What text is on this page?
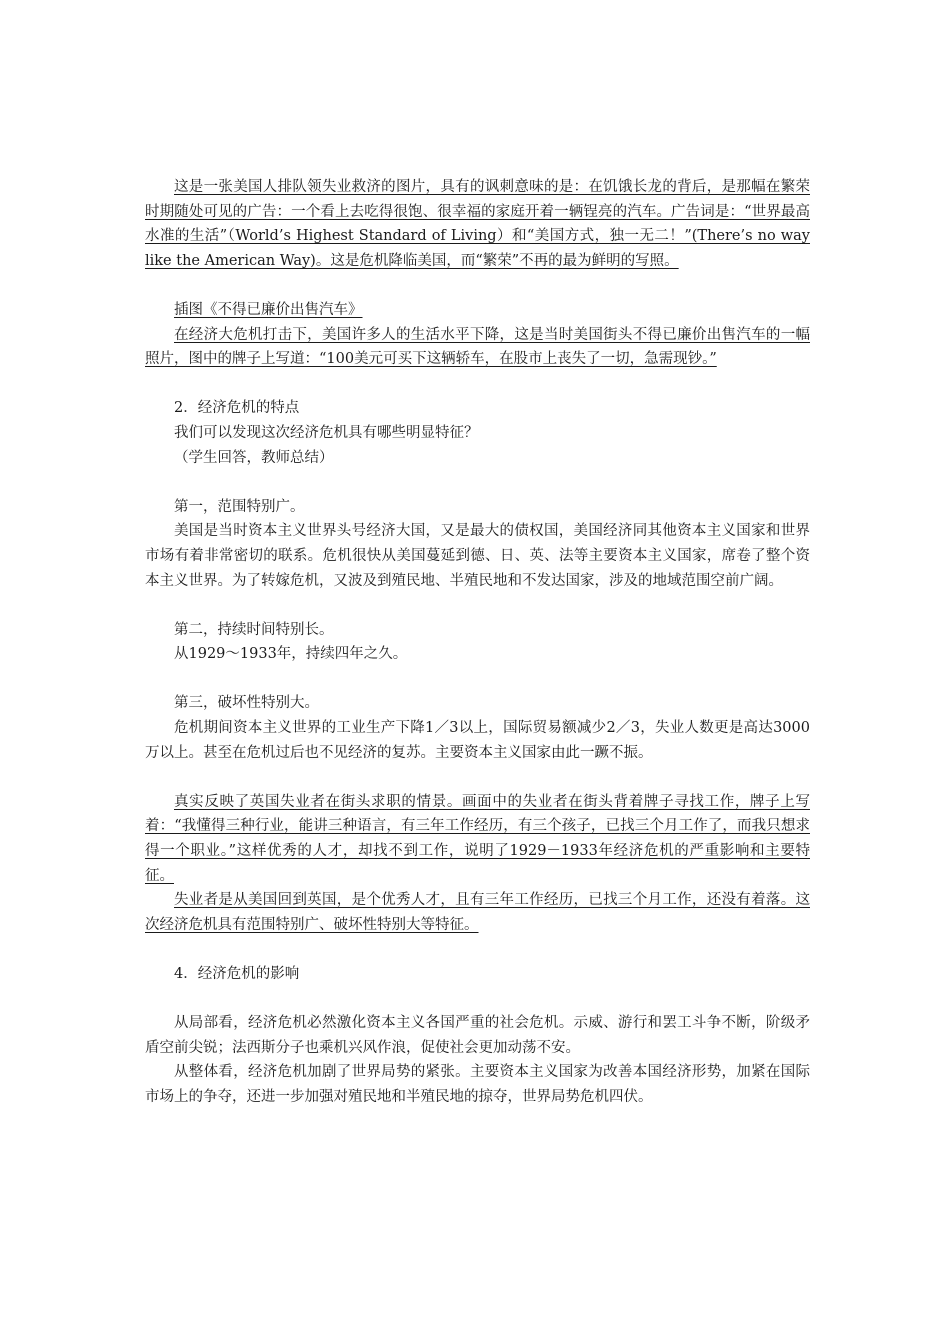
这是一张美国人排队领失业救济的图片，具有的讽刺意味的是：在饥饿长龙的背后，是那幅在繁荣时期随处可见的广告：一个看上去吃得很饱、很幸福的家庭开着一辆锃亮的汽车。广告词是：“世界最高水准的生活”（World’s Highest Standard of Living）和“美国方式，独一无二！”(There’s no way like the American Way)。这是危机降临美国，而“繁荣”不再的最为鲜明的写照。

插图《不得已廉价出售汽车》

在经济大危机打击下，美国许多人的生活水平下降，这是当时美国街头不得已廉价出售汽车的一幅照片，图中的牌子上写道：“100美元可买下这辆轿车，在股市上丧失了一切，急需现钞。”

2．经济危机的特点

我们可以发现这次经济危机具有哪些明显特征？

（学生回答，教师总结）

第一，范围特别广。

美国是当时资本主义世界头号经济大国，又是最大的债权国，美国经济同其他资本主义国家和世界市场有着非常密切的联系。危机很快从美国蔓延到德、日、英、法等主要资本主义国家，席卷了整个资本主义世界。为了转嫁危机，又波及到殖民地、半殖民地和不发达国家，涉及的地域范围空前广阔。

第二，持续时间特别长。

从1929～1933年，持续四年之久。

第三，破坏性特别大。

危机期间资本主义世界的工业生产下降1／3以上，国际贸易额减少2／3，失业人数更是高达3000万以上。甚至在危机过后也不见经济的复苏。主要资本主义国家由此一蹶不振。

真实反映了英国失业者在街头求职的情景。画面中的失业者在街头背着牌子寻找工作，牌子上写着：“我懂得三种行业，能讲三种语言，有三年工作经历，有三个孩子，已找三个月工作了，而我只想求得一个职业。”这样优秀的人才，却找不到工作，说明了1929－1933年经济危机的严重影响和主要特征。

失业者是从美国回到英国，是个优秀人才，且有三年工作经历，已找三个月工作，还没有着落。这次经济危机具有范围特别广、破坏性特别大等特征。

4．经济危机的影响

从局部看，经济危机必然激化资本主义各国严重的社会危机。示威、游行和罢工斗争不断，阶级矛盾空前尖锐；法西斯分子也乘机兴风作浪，促使社会更加动荡不安。

从整体看，经济危机加剧了世界局势的紧张。主要资本主义国家为改善本国经济形势，加紧在国际市场上的争夺，还进一步加强对殖民地和半殖民地的掠夺，世界局势危机四伏。
